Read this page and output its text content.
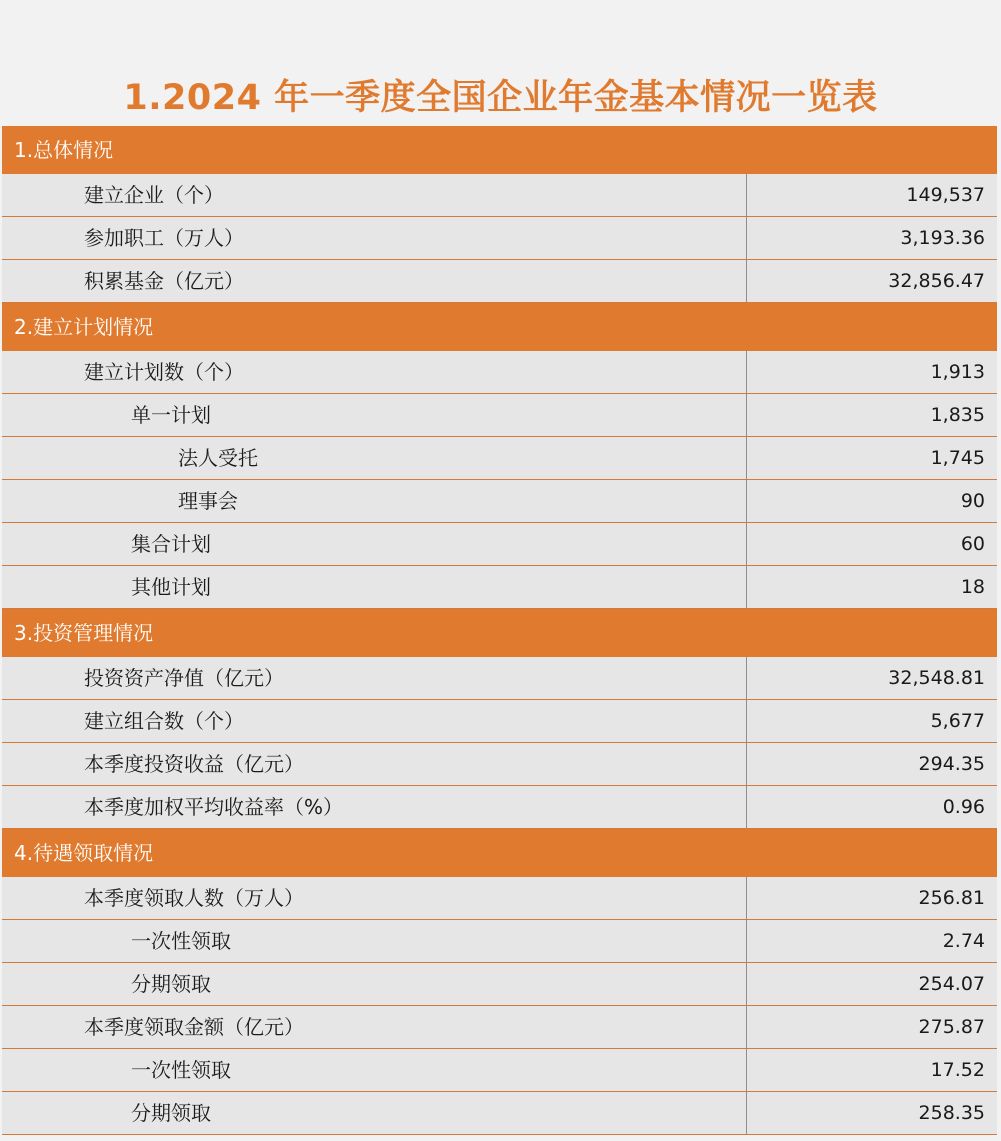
1.2024 年一季度全国企业年金基本情况一览表
1.总体情况
建立企业（个）	149,537
参加职工（万人）	3,193.36
积累基金（亿元）	32,856.47
2.建立计划情况
建立计划数（个）	1,913
单一计划	1,835
法人受托	1,745
理事会	90
集合计划	60
其他计划	18
3.投资管理情况
投资资产净值（亿元）	32,548.81
建立组合数（个）	5,677
本季度投资收益（亿元）	294.35
本季度加权平均收益率（%）	0.96
4.待遇领取情况
本季度领取人数（万人）	256.81
一次性领取	2.74
分期领取	254.07
本季度领取金额（亿元）	275.87
一次性领取	17.52
分期领取	258.35
